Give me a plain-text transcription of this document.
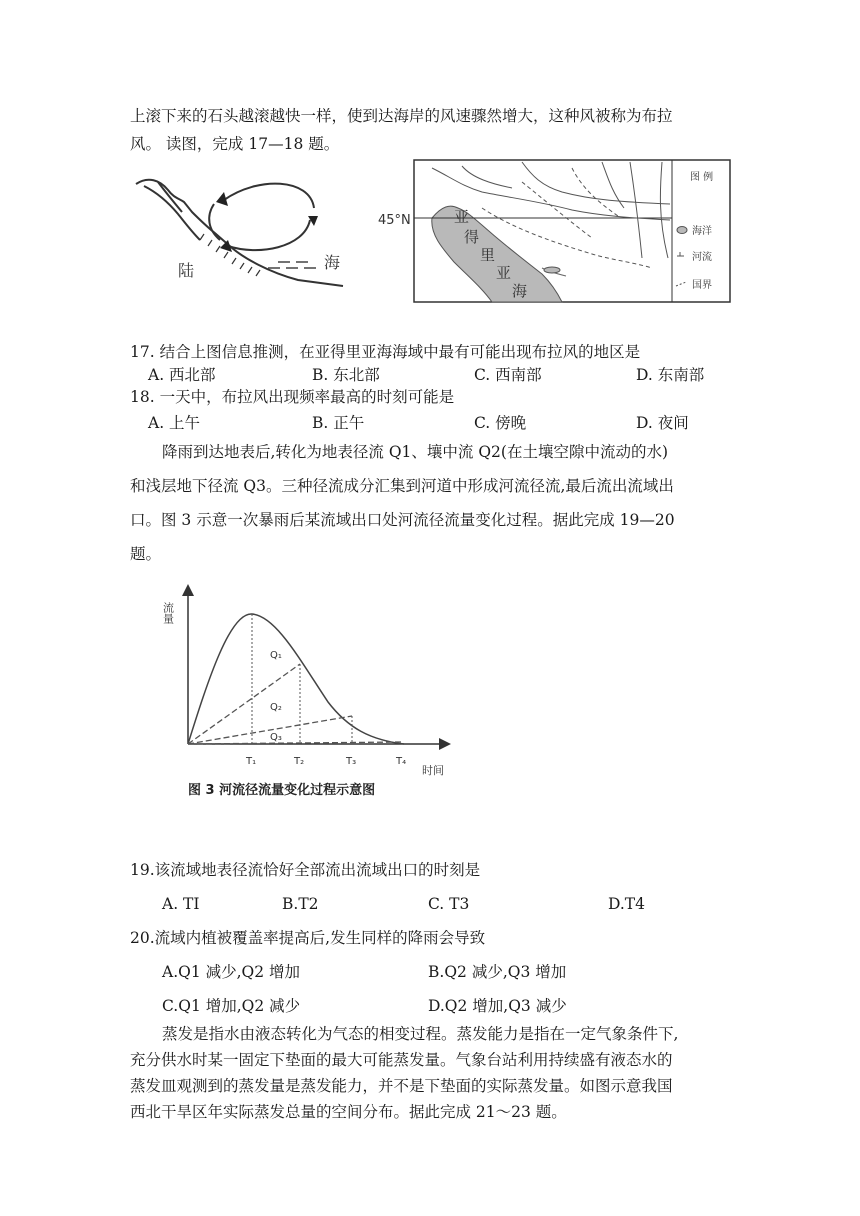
上滚下来的石头越滚越快一样，使到达海岸的风速骤然增大，这种风被称为布拉
风。 读图，完成 17—18 题。
陆	海
45°N	亚
得
里
亚
海
图 例
海洋
河流
国界
17. 结合上图信息推测，在亚得里亚海海域中最有可能出现布拉风的地区是
A. 西北部	B. 东北部	C. 西南部	D. 东南部
18. 一天中，布拉风出现频率最高的时刻可能是
A. 上午	B. 正午	C. 傍晚	D. 夜间
降雨到达地表后,转化为地表径流 Q1、壤中流 Q2(在土壤空隙中流动的水)
和浅层地下径流 Q3。三种径流成分汇集到河道中形成河流径流,最后流出流域出
口。图 3 示意一次暴雨后某流域出口处河流径流量变化过程。据此完成 19—20
题。
流量
时间
Q₁
Q₂
Q₃
T₁	T₂	T₃	T₄
图 3 河流径流量变化过程示意图
19.该流域地表径流恰好全部流出流域出口的时刻是
A. TI	B.T2	C. T3	D.T4
20.流域内植被覆盖率提高后,发生同样的降雨会导致
A.Q1 减少,Q2 增加	B.Q2 减少,Q3 增加
C.Q1 增加,Q2 减少	D.Q2 增加,Q3 减少
蒸发是指水由液态转化为气态的相变过程。蒸发能力是指在一定气象条件下,
充分供水时某一固定下垫面的最大可能蒸发量。气象台站利用持续盛有液态水的
蒸发皿观测到的蒸发量是蒸发能力，并不是下垫面的实际蒸发量。如图示意我国
西北干旱区年实际蒸发总量的空间分布。据此完成 21～23 题。
